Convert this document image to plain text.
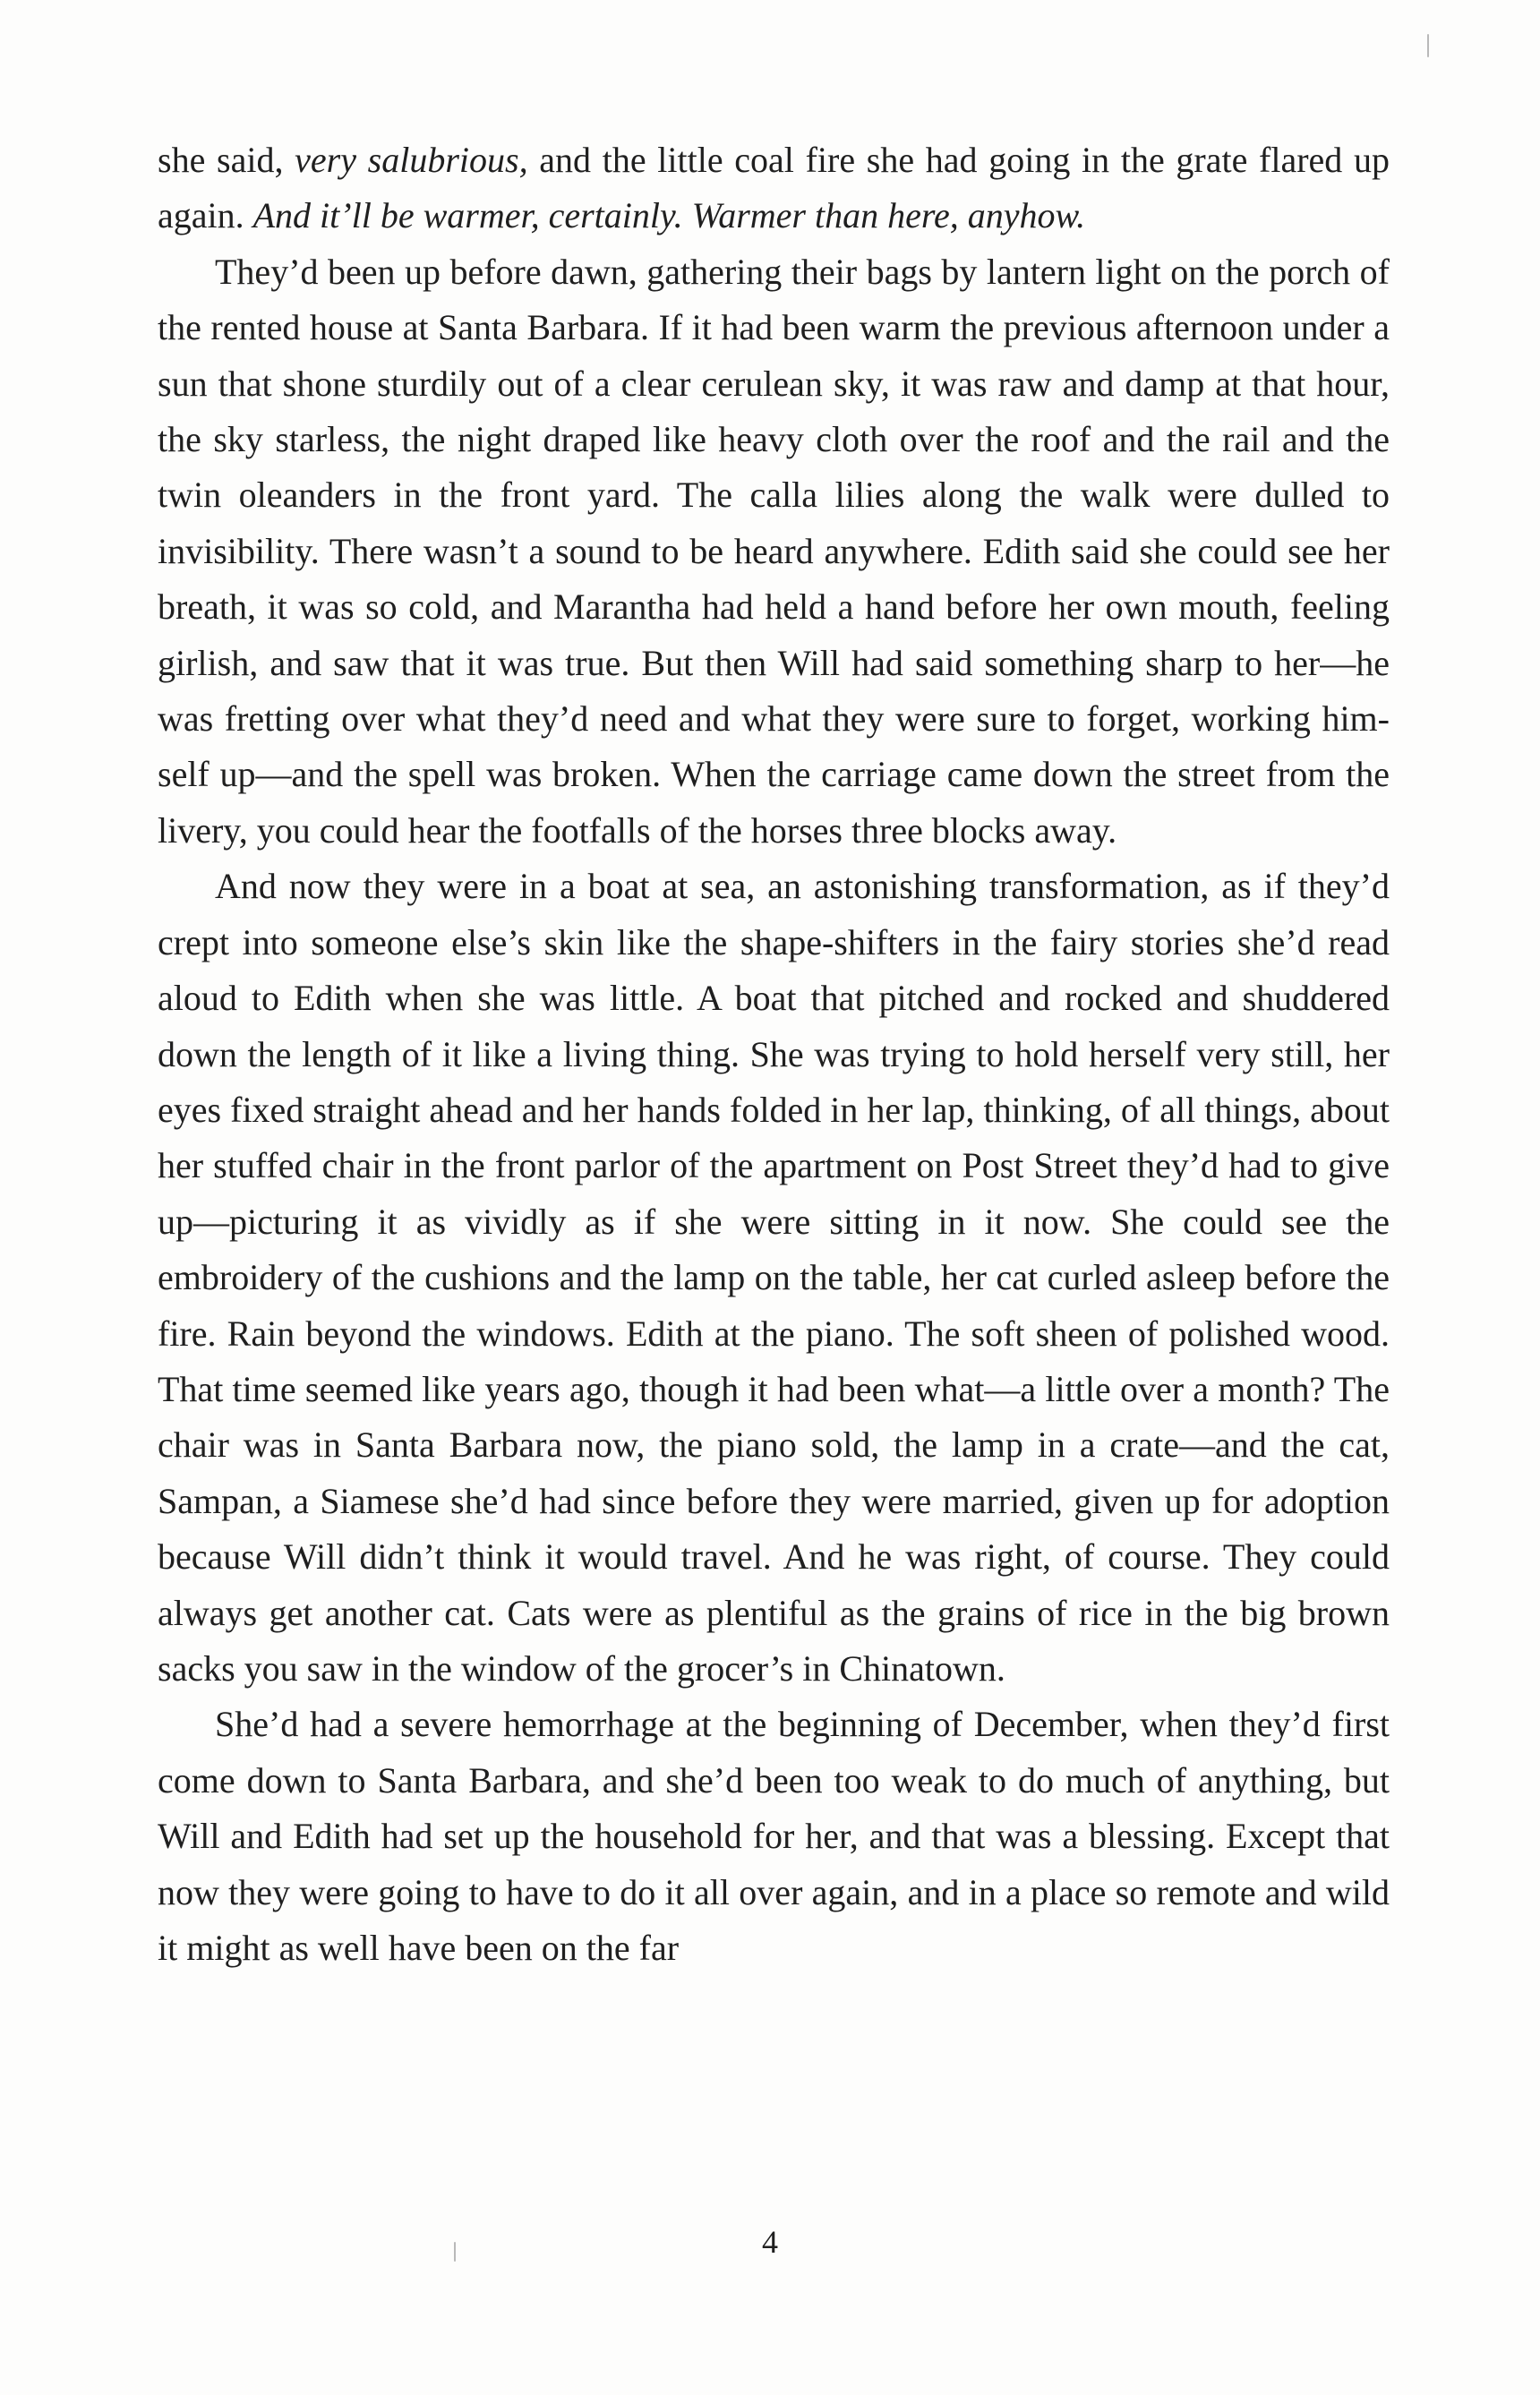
she said, very salubrious, and the little coal fire she had going in the grate flared up again. And it’ll be warmer, certainly. Warmer than here, anyhow.

They’d been up before dawn, gathering their bags by lantern light on the porch of the rented house at Santa Barbara. If it had been warm the previous afternoon under a sun that shone sturdily out of a clear cerulean sky, it was raw and damp at that hour, the sky starless, the night draped like heavy cloth over the roof and the rail and the twin oleanders in the front yard. The calla lilies along the walk were dulled to invisibility. There wasn’t a sound to be heard anywhere. Edith said she could see her breath, it was so cold, and Marantha had held a hand before her own mouth, feeling girlish, and saw that it was true. But then Will had said something sharp to her—he was fretting over what they’d need and what they were sure to forget, working himself up—and the spell was broken. When the carriage came down the street from the livery, you could hear the footfalls of the horses three blocks away.

And now they were in a boat at sea, an astonishing transformation, as if they’d crept into someone else’s skin like the shape-shifters in the fairy stories she’d read aloud to Edith when she was little. A boat that pitched and rocked and shuddered down the length of it like a living thing. She was trying to hold herself very still, her eyes fixed straight ahead and her hands folded in her lap, thinking, of all things, about her stuffed chair in the front parlor of the apartment on Post Street they’d had to give up—picturing it as vividly as if she were sitting in it now. She could see the embroidery of the cushions and the lamp on the table, her cat curled asleep before the fire. Rain beyond the windows. Edith at the piano. The soft sheen of polished wood. That time seemed like years ago, though it had been what—a little over a month? The chair was in Santa Barbara now, the piano sold, the lamp in a crate—and the cat, Sampan, a Siamese she’d had since before they were married, given up for adoption because Will didn’t think it would travel. And he was right, of course. They could always get another cat. Cats were as plentiful as the grains of rice in the big brown sacks you saw in the window of the grocer’s in Chinatown.

She’d had a severe hemorrhage at the beginning of December, when they’d first come down to Santa Barbara, and she’d been too weak to do much of anything, but Will and Edith had set up the household for her, and that was a blessing. Except that now they were going to have to do it all over again, and in a place so remote and wild it might as well have been on the far

4
